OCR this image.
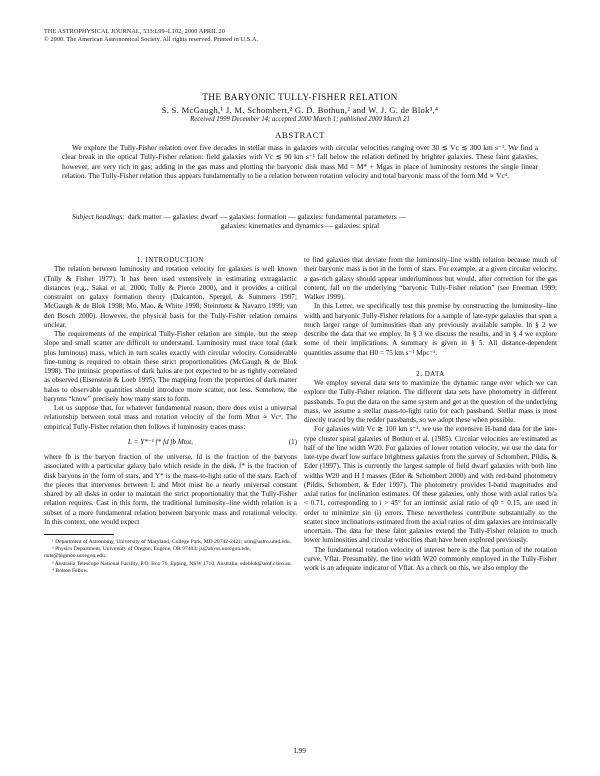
THE ASTROPHYSICAL JOURNAL, 533:L99–L102, 2000 APRIL 20
© 2000. The American Astronomical Society. All rights reserved. Printed in U.S.A.
THE BARYONIC TULLY-FISHER RELATION
S. S. McGaugh,¹ J. M. Schombert,² G. D. Bothun,² and W. J. G. de Blok³,⁴
Received 1999 December 14; accepted 2000 March 1; published 2000 March 21
ABSTRACT

We explore the Tully-Fisher relation over five decades in stellar mass in galaxies with circular velocities ranging over 30 ≲ Vc ≲ 300 km s⁻¹. We find a clear break in the optical Tully-Fisher relation: field galaxies with Vc ≲ 90 km s⁻¹ fall below the relation defined by brighter galaxies. These faint galaxies, however, are very rich in gas; adding in the gas mass and plotting the baryonic disk mass Md = M* + Mgas in place of luminosity restores the single linear relation. The Tully-Fisher relation thus appears fundamentally to be a relation between rotation velocity and total baryonic mass of the form Md ∝ Vc⁴.

Subject headings: dark matter — galaxies: dwarf — galaxies: formation — galaxies: fundamental parameters —

galaxies: kinematics and dynamics — galaxies: spiral

1. INTRODUCTION

The relation between luminosity and rotation velocity for galaxies is well known (Tully & Fisher 1977). It has been used extensively in estimating extragalactic distances (e.g., Sakai et al. 2000; Tully & Pierce 2000), and it provides a critical constraint on galaxy formation theory (Dalcanton, Spergel, & Summers 1997; McGaugh & de Blok 1998; Mo, Mao, & White 1998; Steinmetz & Navarro 1999; van den Bosch 2000). However, the physical basis for the Tully-Fisher relation remains unclear.

The requirements of the empirical Tully-Fisher relation are simple, but the steep slope and small scatter are difficult to understand. Luminosity must trace total (dark plus luminous) mass, which in turn scales exactly with circular velocity. Considerable fine-tuning is required to obtain these strict proportionalities (McGaugh & de Blok 1998). The intrinsic properties of dark halos are not expected to be as tightly correlated as observed (Eisenstein & Loeb 1995). The mapping from the properties of dark matter halos to observable quantities should introduce more scatter, not less. Somehow, the baryons “know” precisely how many stars to form.

Let us suppose that, for whatever fundamental reason, there does exist a universal relationship between total mass and rotation velocity of the form Mtot ∝ Vcᵃ. The empirical Tully-Fisher relation then follows if luminosity traces mass:

L = Υ*⁻¹ f* fd fb Mtot,	(1)

where fb is the baryon fraction of the universe, fd is the fraction of the baryons associated with a particular galaxy halo which reside in the disk, f* is the fraction of disk baryons in the form of stars, and Υ* is the mass-to-light ratio of the stars. Each of the pieces that intervenes between L and Mtot must be a nearly universal constant shared by all disks in order to maintain the strict proportionality that the Tully-Fisher relation requires. Cast in this form, the traditional luminosity–line width relation is a subset of a more fundamental relation between baryonic mass and rotational velocity. In this context, one would expect

¹ Department of Astronomy, University of Maryland, College Park, MD 20742-2421; ssm@astro.umd.edu.

² Physics Department, University of Oregon, Eugene, OR 97403; js@abyss.uoregon.edu, nuts@bigmoo.uoregon.edu.

³ Australia Telescope National Facility, P.O. Box 76, Epping, NSW 1710, Australia; edeblok@atnf.csiro.au.

⁴ Bolton Fellow.

to find galaxies that deviate from the luminosity–line width relation because much of their baryonic mass is not in the form of stars. For example, at a given circular velocity, a gas-rich galaxy should appear underluminous but would, after correction for the gas content, fall on the underlying “baryonic Tully-Fisher relation” (see Freeman 1999; Walker 1999).

In this Letter, we specifically test this premise by constructing the luminosity–line width and baryonic Tully-Fisher relations for a sample of late-type galaxies that span a much larger range of luminosities than any previously available sample. In § 2 we describe the data that we employ. In § 3 we discuss the results, and in § 4 we explore some of their implications. A summary is given in § 5. All distance-dependent quantities assume that H0 = 75 km s⁻¹ Mpc⁻¹.

2. DATA

We employ several data sets to maximize the dynamic range over which we can explore the Tully-Fisher relation. The different data sets have photometry in different passbands. To put the data on the same system and get at the question of the underlying mass, we assume a stellar mass-to-light ratio for each passband. Stellar mass is most directly traced by the redder passbands, so we adopt these when possible.

For galaxies with Vc ≳ 100 km s⁻¹, we use the extensive H-band data for the late-type cluster spiral galaxies of Bothun et al. (1985). Circular velocities are estimated as half of the line width W20. For galaxies of lower rotation velocity, we use the data for late-type dwarf low surface brightness galaxies from the survey of Schombert, Pildis, & Eder (1997). This is currently the largest sample of field dwarf galaxies with both line widths W20 and H I masses (Eder & Schombert 2000) and with red-band photometry (Pildis, Schombert, & Eder 1997). The photometry provides I-band magnitudes and axial ratios for inclination estimates. Of these galaxies, only those with axial ratios b/a < 0.71, corresponding to i > 45° for an intrinsic axial ratio of q0 = 0.15, are used in order to minimize sin (i) errors. These nevertheless contribute substantially to the scatter since inclinations estimated from the axial ratios of dim galaxies are intrinsically uncertain. The data for these faint galaxies extend the Tully-Fisher relation to much lower luminosities and circular velocities than have been explored previously.

The fundamental rotation velocity of interest here is the flat portion of the rotation curve, Vflat. Presumably, the line width W20 commonly employed in the Tully-Fisher work is an adequate indicator of Vflat. As a check on this, we also employ the

L99
